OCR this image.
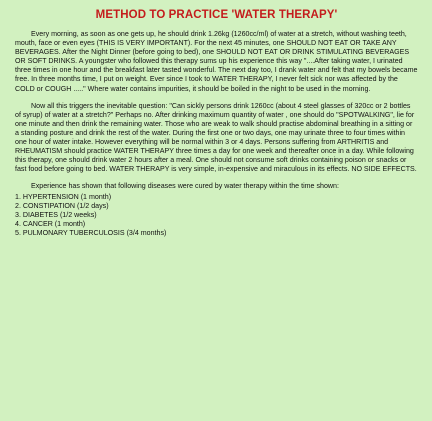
METHOD TO PRACTICE 'WATER THERAPY'

Every morning, as soon as one gets up, he should drink 1.26kg (1260cc/ml) of water at a stretch, without washing teeth, mouth, face or even eyes (THIS IS VERY IMPORTANT). For the next 45 minutes, one SHOULD NOT EAT OR TAKE ANY BEVERAGES. After the Night Dinner (before going to bed), one SHOULD NOT EAT OR DRINK STIMULATING BEVERAGES OR SOFT DRINKS. A youngster who followed this therapy sums up his experience this way "....After taking water, I urinated three times in one hour and the breakfast later tasted wonderful. The next day too, I drank water and felt that my bowels became free. In three months time, I put on weight. Ever since I took to WATER THERAPY, I never felt sick nor was affected by the COLD or COUGH ....." Where water contains impurities, it should be boiled in the night to be used in the morning.

Now all this triggers the inevitable question: "Can sickly persons drink 1260cc (about 4 steel glasses of 320cc or 2 bottles of syrup) of water at a stretch?" Perhaps no. After drinking maximum quantity of water , one should do "SPOTWALKING", lie for one minute and then drink the remaining water. Those who are weak to walk should practise abdominal breathing in a sitting or a standing posture and drink the rest of the water. During the first one or two days, one may urinate three to four times within one hour of water intake. However everything will be normal within 3 or 4 days. Persons suffering from ARTHRITIS and RHEUMATISM should practice WATER THERAPY three times a day for one week and thereafter once in a day. While following this therapy, one should drink water 2 hours after a meal. One should not consume soft drinks containing poison or snacks or fast food before going to bed. WATER THERAPY is very simple, in-expensive and miraculous in its effects. NO SIDE EFFECTS.

Experience has shown that following diseases were cured by water therapy within the time shown:

1. HYPERTENSION (1 month)
2. CONSTIPATION (1/2 days)
3. DIABETES (1/2 weeks)
4. CANCER (1 month)
5. PULMONARY TUBERCULOSIS (3/4 months)
